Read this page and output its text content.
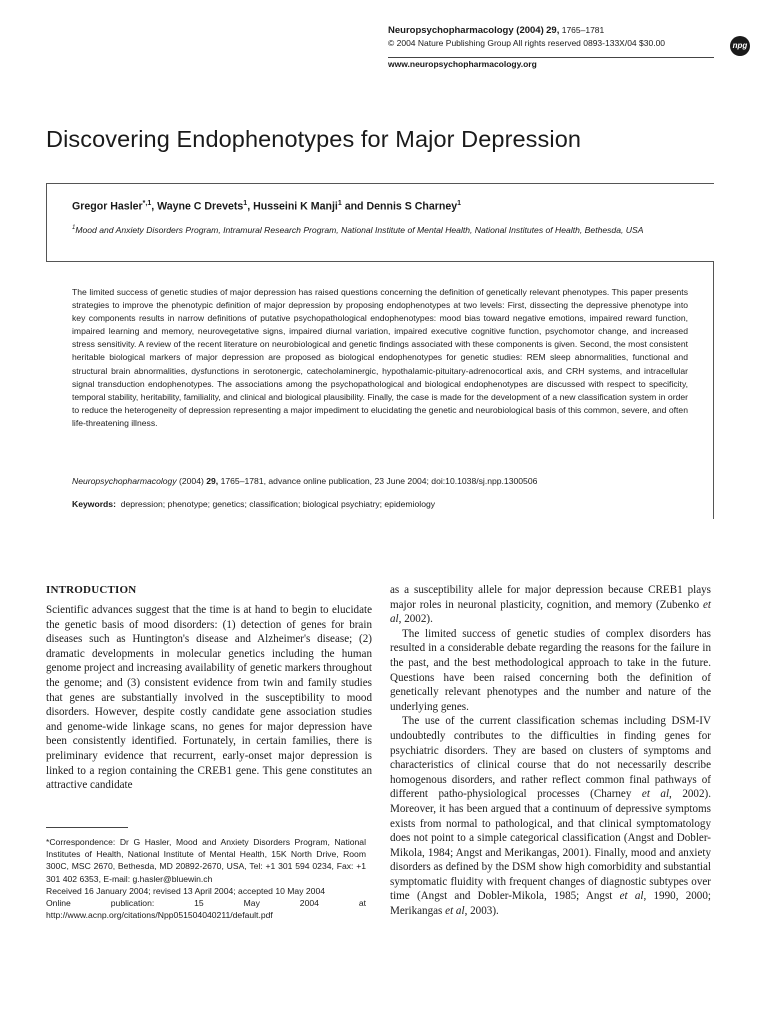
Neuropsychopharmacology (2004) 29, 1765–1781
© 2004 Nature Publishing Group All rights reserved 0893-133X/04 $30.00
www.neuropsychopharmacology.org
npg
Discovering Endophenotypes for Major Depression
Gregor Hasler$^{*,1}$, Wayne C Drevets$^1$, Husseini K Manji$^1$ and Dennis S Charney$^1$
$^1$Mood and Anxiety Disorders Program, Intramural Research Program, National Institute of Mental Health, National Institutes of Health, Bethesda, USA
The limited success of genetic studies of major depression has raised questions concerning the definition of genetically relevant phenotypes. This paper presents strategies to improve the phenotypic definition of major depression by proposing endophenotypes at two levels: First, dissecting the depressive phenotype into key components results in narrow definitions of putative psychopathological endophenotypes: mood bias toward negative emotions, impaired reward function, impaired learning and memory, neurovegetative signs, impaired diurnal variation, impaired executive cognitive function, psychomotor change, and increased stress sensitivity. A review of the recent literature on neurobiological and genetic findings associated with these components is given. Second, the most consistent heritable biological markers of major depression are proposed as biological endophenotypes for genetic studies: REM sleep abnormalities, functional and structural brain abnormalities, dysfunctions in serotonergic, catecholaminergic, hypothalamic-pituitary-adrenocortical axis, and CRH systems, and intracellular signal transduction endophenotypes. The associations among the psychopathological and biological endophenotypes are discussed with respect to specificity, temporal stability, heritability, familiality, and clinical and biological plausibility. Finally, the case is made for the development of a new classification system in order to reduce the heterogeneity of depression representing a major impediment to elucidating the genetic and neurobiological basis of this common, severe, and often life-threatening illness.
Neuropsychopharmacology (2004) 29, 1765–1781, advance online publication, 23 June 2004; doi:10.1038/sj.npp.1300506
Keywords: depression; phenotype; genetics; classification; biological psychiatry; epidemiology
INTRODUCTION

Scientific advances suggest that the time is at hand to begin to elucidate the genetic basis of mood disorders: (1) detection of genes for brain diseases such as Huntington's disease and Alzheimer's disease; (2) dramatic developments in molecular genetics including the human genome project and increasing availability of genetic markers throughout the genome; and (3) consistent evidence from twin and family studies that genes are substantially involved in the susceptibility to mood disorders. However, despite costly candidate gene association studies and genome-wide linkage scans, no genes for major depression have been consistently identified. Fortunately, in certain families, there is preliminary evidence that recurrent, early-onset major depression is linked to a region containing the CREB1 gene. This gene constitutes an attractive candidate

*Correspondence: Dr G Hasler, Mood and Anxiety Disorders Program, National Institutes of Health, National Institute of Mental Health, 15K North Drive, Room 300C, MSC 2670, Bethesda, MD 20892-2670, USA, Tel: +1 301 594 0234, Fax: +1 301 402 6353, E-mail: g.hasler@bluewin.ch

Received 16 January 2004; revised 13 April 2004; accepted 10 May 2004

Online publication: 15 May 2004 at http://www.acnp.org/citations/Npp051504040211/default.pdf

as a susceptibility allele for major depression because CREB1 plays major roles in neuronal plasticity, cognition, and memory (Zubenko et al, 2002).

The limited success of genetic studies of complex disorders has resulted in a considerable debate regarding the reasons for the failure in the past, and the best methodological approach to take in the future. Questions have been raised concerning both the definition of genetically relevant phenotypes and the number and nature of the underlying genes.

The use of the current classification schemas including DSM-IV undoubtedly contributes to the difficulties in finding genes for psychiatric disorders. They are based on clusters of symptoms and characteristics of clinical course that do not necessarily describe homogenous disorders, and rather reflect common final pathways of different patho-physiological processes (Charney et al, 2002). Moreover, it has been argued that a continuum of depressive symptoms exists from normal to pathological, and that clinical symptomatology does not point to a simple categorical classification (Angst and Dobler-Mikola, 1984; Angst and Merikangas, 2001). Finally, mood and anxiety disorders as defined by the DSM show high comorbidity and substantial symptomatic fluidity with frequent changes of diagnostic subtypes over time (Angst and Dobler-Mikola, 1985; Angst et al, 1990, 2000; Merikangas et al, 2003).
